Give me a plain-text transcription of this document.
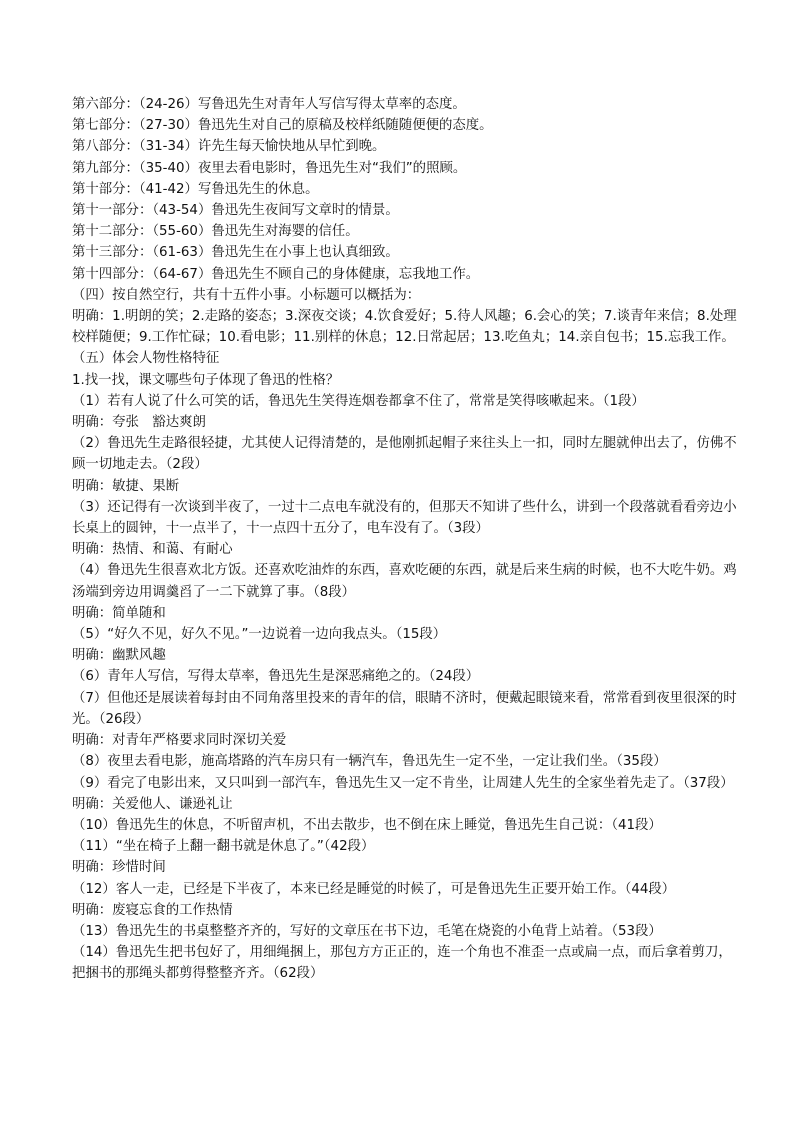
第六部分：（24-26）写鲁迅先生对青年人写信写得太草率的态度。

第七部分：（27-30）鲁迅先生对自己的原稿及校样纸随随便便的态度。

第八部分：（31-34）许先生每天愉快地从早忙到晚。

第九部分：（35-40）夜里去看电影时，鲁迅先生对“我们”的照顾。

第十部分：（41-42）写鲁迅先生的休息。

第十一部分：（43-54）鲁迅先生夜间写文章时的情景。

第十二部分：（55-60）鲁迅先生对海婴的信任。

第十三部分：（61-63）鲁迅先生在小事上也认真细致。

第十四部分：（64-67）鲁迅先生不顾自己的身体健康，忘我地工作。

（四）按自然空行，共有十五件小事。小标题可以概括为：

明确：1.明朗的笑；2.走路的姿态；3.深夜交谈；4.饮食爱好；5.待人风趣；6.会心的笑；7.谈青年来信；8.处理校样随便；9.工作忙碌；10.看电影；11.别样的休息；12.日常起居；13.吃鱼丸；14.亲自包书；15.忘我工作。

（五）体会人物性格特征

1.找一找，课文哪些句子体现了鲁迅的性格？

（1）若有人说了什么可笑的话，鲁迅先生笑得连烟卷都拿不住了，常常是笑得咳嗽起来。（1段）

明确：夸张　豁达爽朗

（2）鲁迅先生走路很轻捷，尤其使人记得清楚的，是他刚抓起帽子来往头上一扣，同时左腿就伸出去了，仿佛不顾一切地走去。（2段）

明确：敏捷、果断

（3）还记得有一次谈到半夜了，一过十二点电车就没有的，但那天不知讲了些什么，讲到一个段落就看看旁边小长桌上的圆钟，十一点半了，十一点四十五分了，电车没有了。（3段）

明确：热情、和蔼、有耐心

（4）鲁迅先生很喜欢北方饭。还喜欢吃油炸的东西，喜欢吃硬的东西，就是后来生病的时候，也不大吃牛奶。鸡汤端到旁边用调羹舀了一二下就算了事。（8段）

明确：简单随和

（5）“好久不见，好久不见。”一边说着一边向我点头。（15段）

明确：幽默风趣

（6）青年人写信，写得太草率，鲁迅先生是深恶痛绝之的。（24段）

（7）但他还是展读着每封由不同角落里投来的青年的信，眼睛不济时，便戴起眼镜来看，常常看到夜里很深的时光。（26段）

明确：对青年严格要求同时深切关爱

（8）夜里去看电影，施高塔路的汽车房只有一辆汽车，鲁迅先生一定不坐，一定让我们坐。（35段）

（9）看完了电影出来，又只叫到一部汽车，鲁迅先生又一定不肯坐，让周建人先生的全家坐着先走了。（37段）

明确：关爱他人、谦逊礼让

（10）鲁迅先生的休息，不听留声机，不出去散步，也不倒在床上睡觉，鲁迅先生自己说：（41段）

（11）“坐在椅子上翻一翻书就是休息了。”（42段）

明确：珍惜时间

（12）客人一走，已经是下半夜了，本来已经是睡觉的时候了，可是鲁迅先生正要开始工作。（44段）

明确：废寝忘食的工作热情

（13）鲁迅先生的书桌整整齐齐的，写好的文章压在书下边，毛笔在烧瓷的小龟背上站着。（53段）

（14）鲁迅先生把书包好了，用细绳捆上，那包方方正正的，连一个角也不准歪一点或扁一点，而后拿着剪刀，把捆书的那绳头都剪得整整齐齐。（62段）
